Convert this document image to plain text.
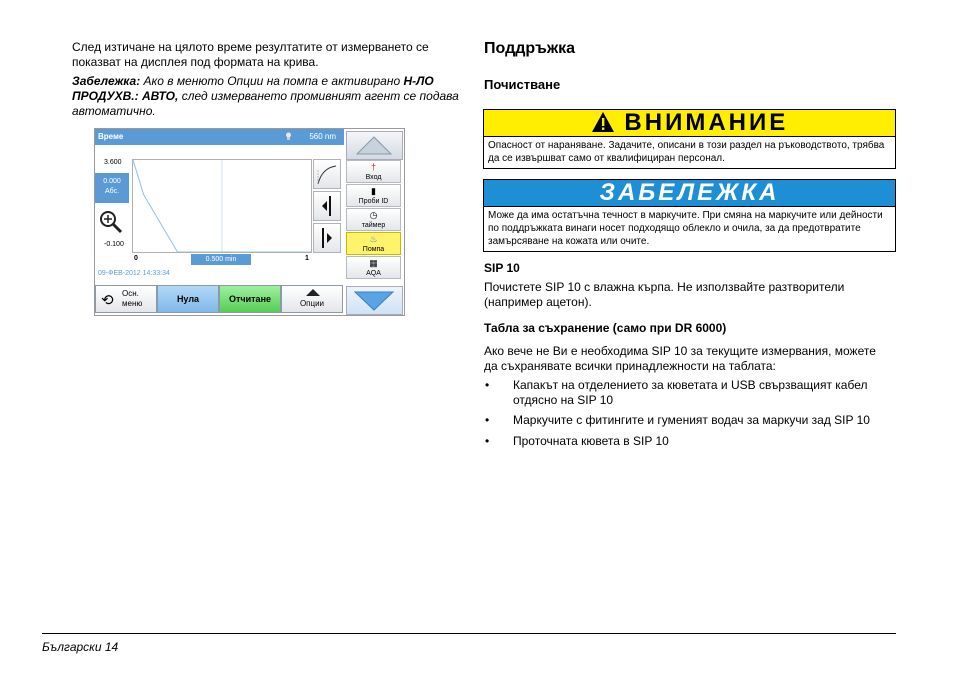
След изтичане на цялото време резултатите от измерването се показват на дисплея под формата на крива.
Забележка: Ако в менюто Опции на помпа е активирано Н-ЛО ПРОДУХВ.: АВТО, след измерването промивният агент се подава автоматично.
Време	560 nm
†
Вход
▮
Проби ID
◷
таймер
♨
Помпа
▦
AQA
3.600
0.000
Абс.
-0.100
0	0.500 min	1
09-ФЕВ-2012 14:33:34
⟲ Осн.
меню	Нула	Отчитане	Опции
Поддръжка
Почистване
ВНИМАНИЕ
Опасност от нараняване. Задачите, описани в този раздел на ръководството, трябва да се извършват само от квалифициран персонал.
ЗАБЕЛЕЖКА
Може да има остатъчна течност в маркучите. При смяна на маркучите или дейности по поддръжката винаги носет подходящо облекло и очила, за да предотвратите замърсяване на кожата или очите.
SIP 10
Почистете SIP 10 с влажна кърпа. Не използвайте разтворители (например ацетон).
Табла за съхранение (само при DR 6000)
Ако вече не Ви е необходима SIP 10 за текущите измервания, можете да съхранявате всички принадлежности на таблата:
• Капакът на отделението за кюветата и USB свързващият кабел отдясно на SIP 10
• Маркучите с фитингите и гуменият водач за маркучи зад SIP 10
• Проточната кювета в SIP 10
Български 14
